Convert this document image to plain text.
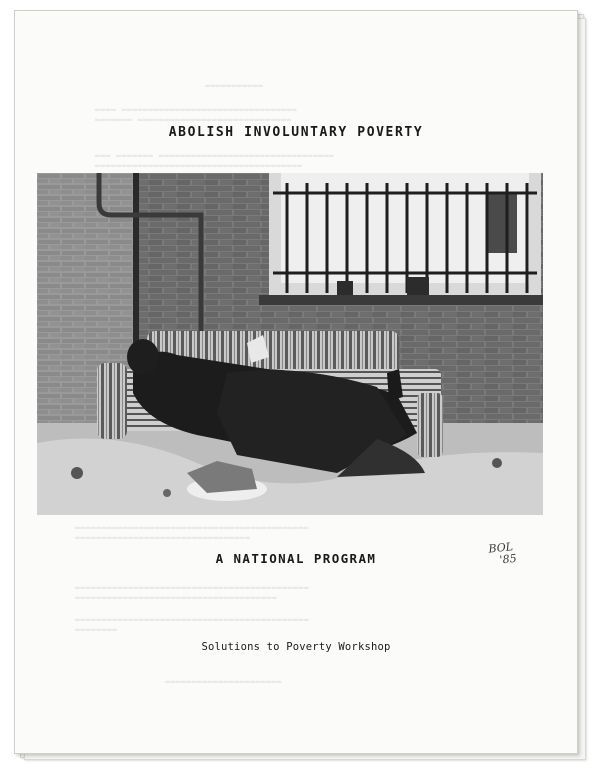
▬▬▬▬▬▬▬▬▬▬▬
▬▬▬▬ ▬▬▬▬▬▬▬▬▬▬▬▬▬▬▬▬▬▬▬▬▬▬▬▬▬▬▬▬▬▬▬▬▬
▬▬▬▬▬▬▬ ▬▬▬▬▬▬▬▬▬▬▬▬▬▬▬▬▬▬▬▬▬▬▬▬▬▬▬▬▬
▬▬▬ ▬▬▬▬▬▬▬ ▬▬▬▬▬▬▬▬▬▬▬▬▬▬▬▬▬▬▬▬▬▬▬▬▬▬▬▬▬▬▬▬▬
▬▬▬▬▬▬▬▬▬▬▬▬▬▬▬▬▬▬▬▬▬▬▬▬▬▬▬▬▬▬▬▬▬▬▬▬▬▬▬
▬▬▬▬▬▬▬▬▬▬▬▬▬▬▬▬▬▬▬▬▬▬▬▬▬▬▬▬▬▬▬▬▬▬▬▬▬▬▬▬▬▬▬▬
▬▬▬▬▬▬▬▬▬▬▬▬▬▬▬▬▬▬▬▬▬▬▬▬▬▬▬▬▬▬▬▬▬
▬▬▬▬▬▬▬▬▬▬▬▬▬▬▬▬▬▬▬▬▬▬▬▬▬▬▬▬▬▬▬▬▬▬▬▬▬▬▬▬▬▬▬▬
▬▬▬▬▬▬▬▬▬▬▬▬▬▬▬▬▬▬▬▬▬▬▬▬▬▬▬▬▬▬▬▬▬▬▬▬▬▬
▬▬▬▬▬▬▬▬▬▬▬▬▬▬▬▬▬▬▬▬▬▬▬▬▬▬▬▬▬▬▬▬▬▬▬▬▬▬▬▬▬▬▬▬
▬▬▬▬▬▬▬▬
▬▬▬▬▬▬▬▬▬▬▬▬▬▬▬▬▬▬▬▬▬▬
ABOLISH INVOLUNTARY POVERTY
A NATIONAL PROGRAM
Solutions to Poverty Workshop
BOL
'85
